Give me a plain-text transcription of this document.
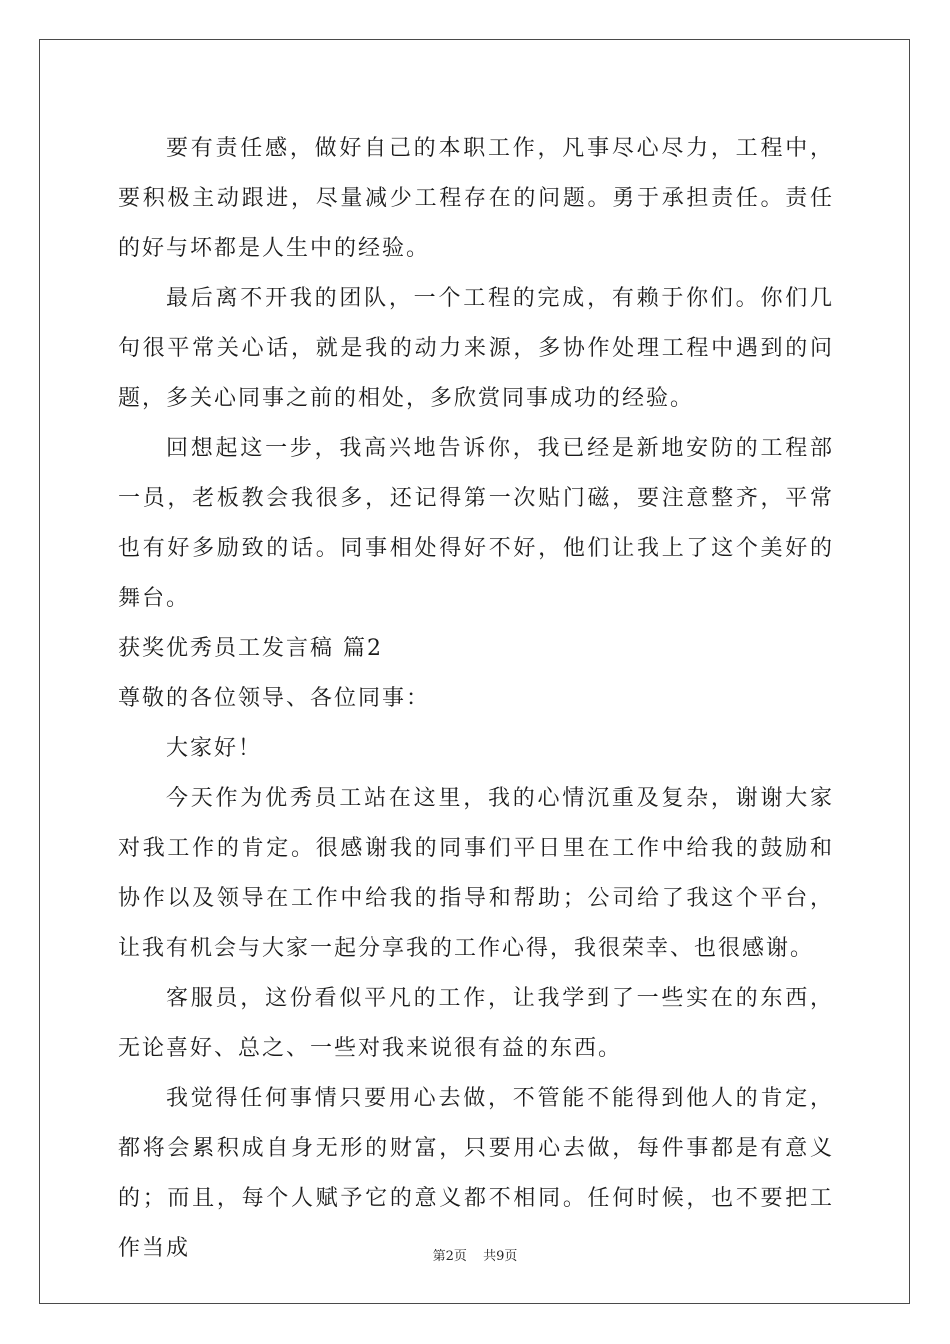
要有责任感，做好自己的本职工作，凡事尽心尽力，工程中，要积极主动跟进，尽量减少工程存在的问题。勇于承担责任。责任的好与坏都是人生中的经验。

最后离不开我的团队，一个工程的完成，有赖于你们。你们几句很平常关心话，就是我的动力来源，多协作处理工程中遇到的问题，多关心同事之前的相处，多欣赏同事成功的经验。

回想起这一步，我高兴地告诉你，我已经是新地安防的工程部一员，老板教会我很多，还记得第一次贴门磁，要注意整齐，平常也有好多励致的话。同事相处得好不好，他们让我上了这个美好的舞台。

获奖优秀员工发言稿 篇2

尊敬的各位领导、各位同事：

大家好！

今天作为优秀员工站在这里，我的心情沉重及复杂，谢谢大家对我工作的肯定。很感谢我的同事们平日里在工作中给我的鼓励和协作以及领导在工作中给我的指导和帮助；公司给了我这个平台，让我有机会与大家一起分享我的工作心得，我很荣幸、也很感谢。

客服员，这份看似平凡的工作，让我学到了一些实在的东西，无论喜好、总之、一些对我来说很有益的东西。

我觉得任何事情只要用心去做，不管能不能得到他人的肯定，都将会累积成自身无形的财富，只要用心去做，每件事都是有意义的；而且，每个人赋予它的意义都不相同。任何时候，也不要把工作当成	第2页 共9页
